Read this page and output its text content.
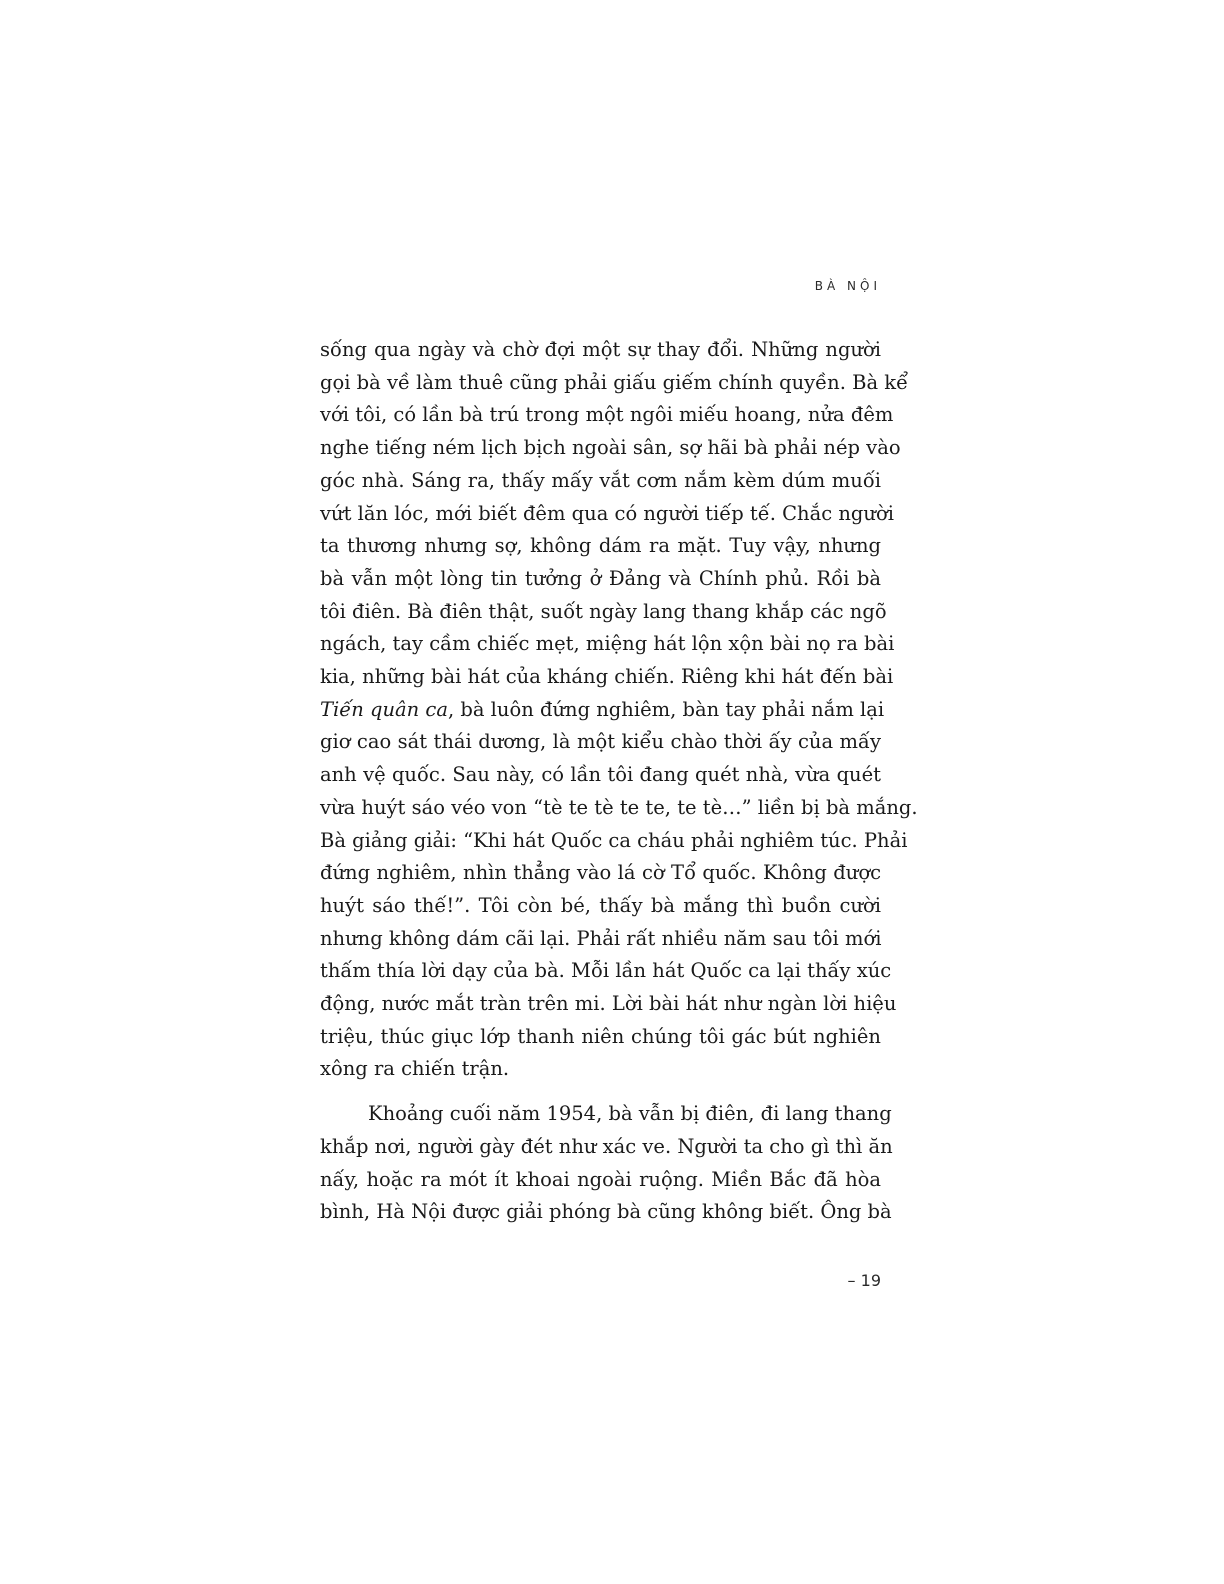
BÀ NỘI
sống qua ngày và chờ đợi một sự thay đổi. Những người
gọi bà về làm thuê cũng phải giấu giếm chính quyền. Bà kể
với tôi, có lần bà trú trong một ngôi miếu hoang, nửa đêm
nghe tiếng ném lịch bịch ngoài sân, sợ hãi bà phải nép vào
góc nhà. Sáng ra, thấy mấy vắt cơm nắm kèm dúm muối
vứt lăn lóc, mới biết đêm qua có người tiếp tế. Chắc người
ta thương nhưng sợ, không dám ra mặt. Tuy vậy, nhưng
bà vẫn một lòng tin tưởng ở Đảng và Chính phủ. Rồi bà
tôi điên. Bà điên thật, suốt ngày lang thang khắp các ngõ
ngách, tay cầm chiếc mẹt, miệng hát lộn xộn bài nọ ra bài
kia, những bài hát của kháng chiến. Riêng khi hát đến bài
Tiến quân ca, bà luôn đứng nghiêm, bàn tay phải nắm lại
giơ cao sát thái dương, là một kiểu chào thời ấy của mấy
anh vệ quốc. Sau này, có lần tôi đang quét nhà, vừa quét
vừa huýt sáo véo von “tè te tè te te, te tè…” liền bị bà mắng.
Bà giảng giải: “Khi hát Quốc ca cháu phải nghiêm túc. Phải
đứng nghiêm, nhìn thẳng vào lá cờ Tổ quốc. Không được
huýt sáo thế!”. Tôi còn bé, thấy bà mắng thì buồn cười
nhưng không dám cãi lại. Phải rất nhiều năm sau tôi mới
thấm thía lời dạy của bà. Mỗi lần hát Quốc ca lại thấy xúc
động, nước mắt tràn trên mi. Lời bài hát như ngàn lời hiệu
triệu, thúc giục lớp thanh niên chúng tôi gác bút nghiên
xông ra chiến trận.
Khoảng cuối năm 1954, bà vẫn bị điên, đi lang thang
khắp nơi, người gày đét như xác ve. Người ta cho gì thì ăn
nấy, hoặc ra mót ít khoai ngoài ruộng. Miền Bắc đã hòa
bình, Hà Nội được giải phóng bà cũng không biết. Ông bà
– 19
